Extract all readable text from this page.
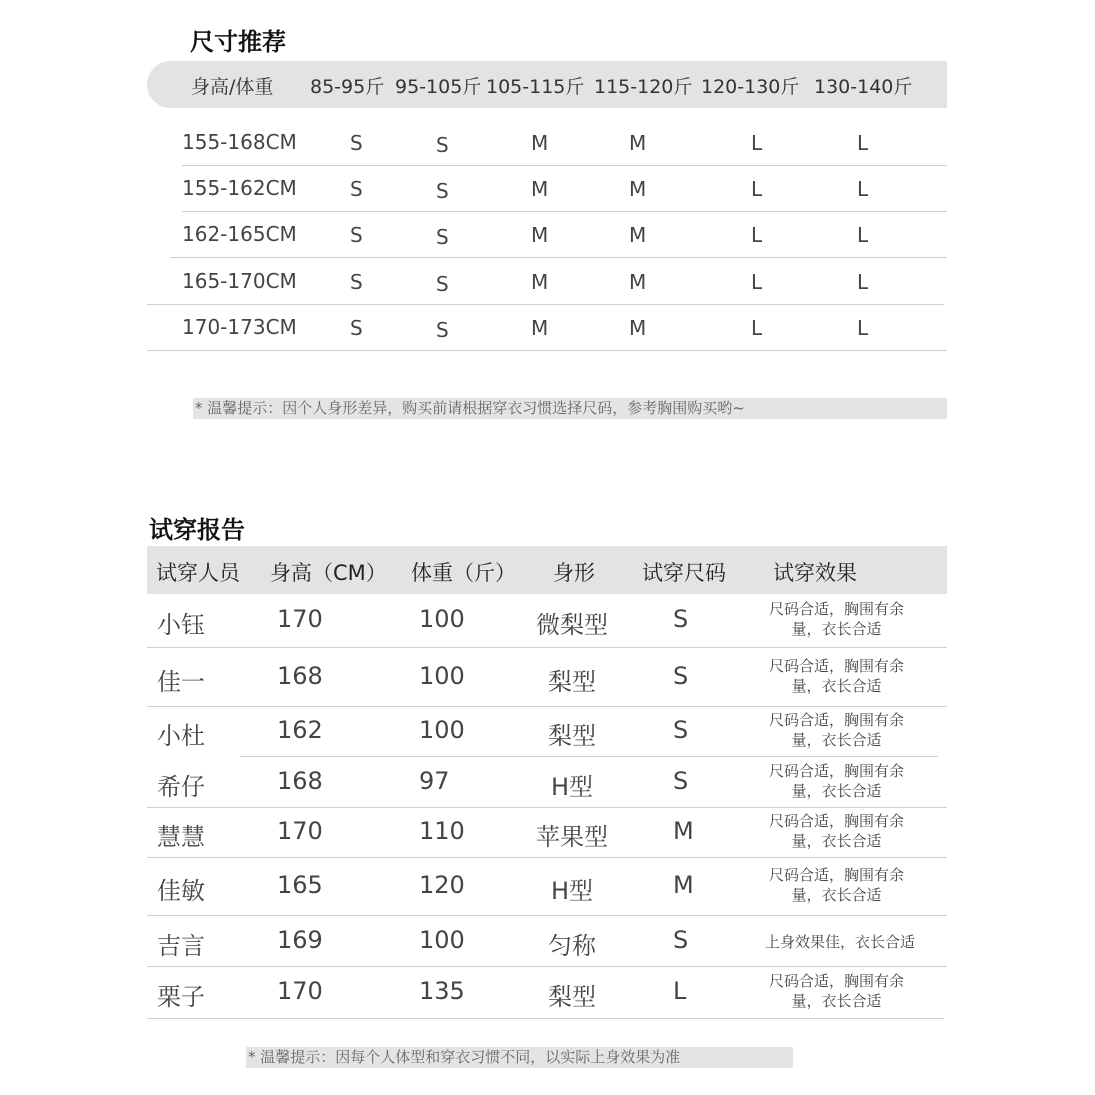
尺寸推荐
身高/体重 85-95斤 95-105斤 105-115斤 115-120斤 120-130斤 130-140斤
155-168CM	S	S	M	M	L	L
155-162CM	S	S	M	M	L	L
162-165CM	S	S	M	M	L	L
165-170CM	S	S	M	M	L	L
170-173CM	S	S	M	M	L	L
* 温馨提示：因个人身形差异，购买前请根据穿衣习惯选择尺码，参考胸围购买哟~
试穿报告
试穿人员 身高（CM） 体重（斤） 身形 试穿尺码 试穿效果
小钰	170	100	微梨型	S	尺码合适，胸围有余量，衣长合适
佳一	168	100	梨型	S	尺码合适，胸围有余量，衣长合适
小杜	162	100	梨型	S	尺码合适，胸围有余量，衣长合适
希仔	168	97	H型	S	尺码合适，胸围有余量，衣长合适
慧慧	170	110	苹果型	M	尺码合适，胸围有余量，衣长合适
佳敏	165	120	H型	M	尺码合适，胸围有余量，衣长合适
吉言	169	100	匀称	S	上身效果佳，衣长合适
栗子	170	135	梨型	L	尺码合适，胸围有余量，衣长合适
* 温馨提示：因每个人体型和穿衣习惯不同，以实际上身效果为准
